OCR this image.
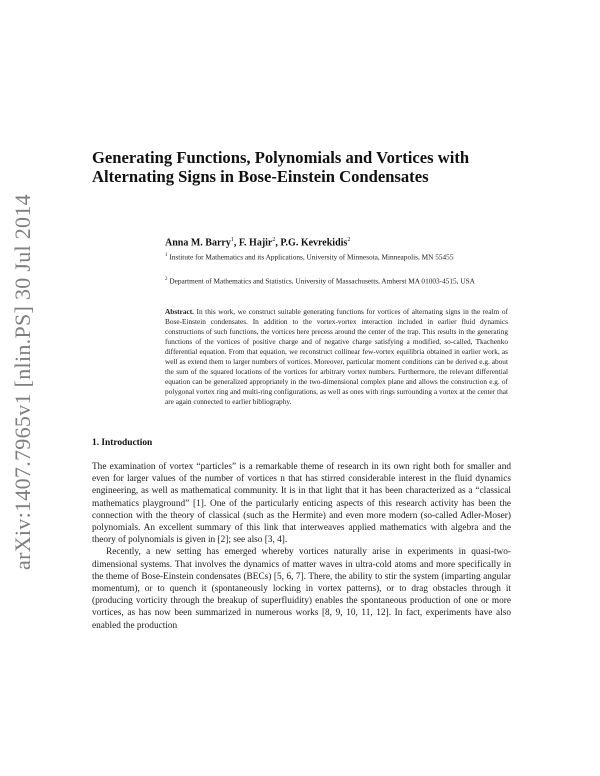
arXiv:1407.7965v1 [nlin.PS] 30 Jul 2014
Generating Functions, Polynomials and Vortices with Alternating Signs in Bose-Einstein Condensates
Anna M. Barry$^1$, F. Hajir$^2$, P.G. Kevrekidis$^2$
$^1$ Institute for Mathematics and its Applications, University of Minnesota, Minneapolis, MN 55455
$^2$ Department of Mathematics and Statistics, University of Massachusetts, Amherst MA 01003-4515, USA
Abstract. In this work, we construct suitable generating functions for vortices of alternating signs in the realm of Bose-Einstein condensates. In addition to the vortex-vortex interaction included in earlier fluid dynamics constructions of such functions, the vortices here precess around the center of the trap. This results in the generating functions of the vortices of positive charge and of negative charge satisfying a modified, so-called, Tkachenko differential equation. From that equation, we reconstruct collinear few-vortex equilibria obtained in earlier work, as well as extend them to larger numbers of vortices. Moreover, particular moment conditions can be derived e.g. about the sum of the squared locations of the vortices for arbitrary vortex numbers. Furthermore, the relevant differential equation can be generalized appropriately in the two-dimensional complex plane and allows the construction e.g. of polygonal vortex ring and multi-ring configurations, as well as ones with rings surrounding a vortex at the center that are again connected to earlier bibliography.
1. Introduction

The examination of vortex “particles” is a remarkable theme of research in its own right both for smaller and even for larger values of the number of vortices n that has stirred considerable interest in the fluid dynamics engineering, as well as mathematical community. It is in that light that it has been characterized as a “classical mathematics playground” [1]. One of the particularly enticing aspects of this research activity has been the connection with the theory of classical (such as the Hermite) and even more modern (so-called Adler-Moser) polynomials. An excellent summary of this link that interweaves applied mathematics with algebra and the theory of polynomials is given in [2]; see also [3, 4].

Recently, a new setting has emerged whereby vortices naturally arise in experiments in quasi-two-dimensional systems. That involves the dynamics of matter waves in ultra-cold atoms and more specifically in the theme of Bose-Einstein condensates (BECs) [5, 6, 7]. There, the ability to stir the system (imparting angular momentum), or to quench it (spontaneously locking in vortex patterns), or to drag obstacles through it (producing vorticity through the breakup of superfluidity) enables the spontaneous production of one or more vortices, as has now been summarized in numerous works [8, 9, 10, 11, 12]. In fact, experiments have also enabled the production
